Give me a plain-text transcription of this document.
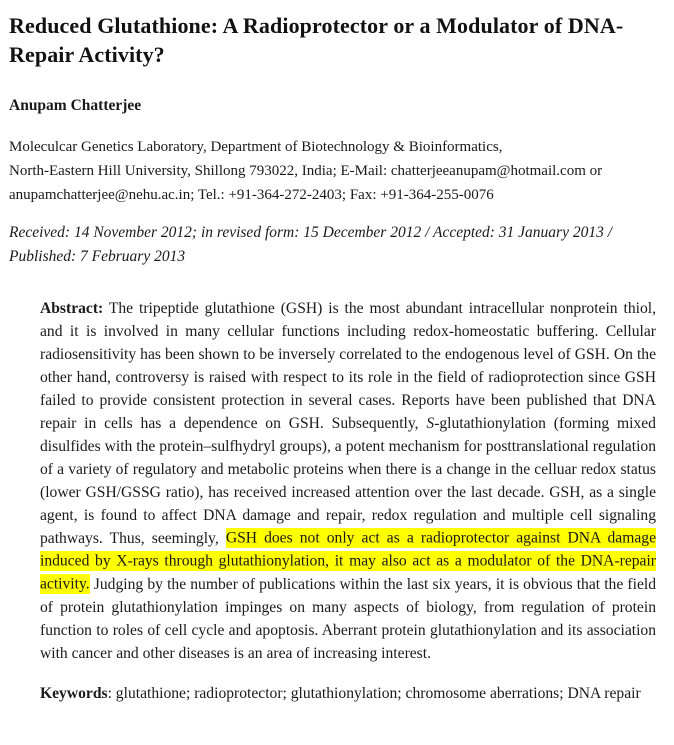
Reduced Glutathione: A Radioprotector or a Modulator of DNA-Repair Activity?

Anupam Chatterjee

Moleculcar Genetics Laboratory, Department of Biotechnology & Bioinformatics,
North-Eastern Hill University, Shillong 793022, India; E-Mail: chatterjeeanupam@hotmail.com or
anupamchatterjee@nehu.ac.in; Tel.: +91-364-272-2403; Fax: +91-364-255-0076

Received: 14 November 2012; in revised form: 15 December 2012 / Accepted: 31 January 2013 /
Published: 7 February 2013

Abstract: The tripeptide glutathione (GSH) is the most abundant intracellular nonprotein thiol, and it is involved in many cellular functions including redox-homeostatic buffering. Cellular radiosensitivity has been shown to be inversely correlated to the endogenous level of GSH. On the other hand, controversy is raised with respect to its role in the field of radioprotection since GSH failed to provide consistent protection in several cases. Reports have been published that DNA repair in cells has a dependence on GSH. Subsequently, S-glutathionylation (forming mixed disulfides with the protein–sulfhydryl groups), a potent mechanism for posttranslational regulation of a variety of regulatory and metabolic proteins when there is a change in the celluar redox status (lower GSH/GSSG ratio), has received increased attention over the last decade. GSH, as a single agent, is found to affect DNA damage and repair, redox regulation and multiple cell signaling pathways. Thus, seemingly, GSH does not only act as a radioprotector against DNA damage induced by X-rays through glutathionylation, it may also act as a modulator of the DNA-repair activity. Judging by the number of publications within the last six years, it is obvious that the field of protein glutathionylation impinges on many aspects of biology, from regulation of protein function to roles of cell cycle and apoptosis. Aberrant protein glutathionylation and its association with cancer and other diseases is an area of increasing interest.

Keywords: glutathione; radioprotector; glutathionylation; chromosome aberrations; DNA repair
